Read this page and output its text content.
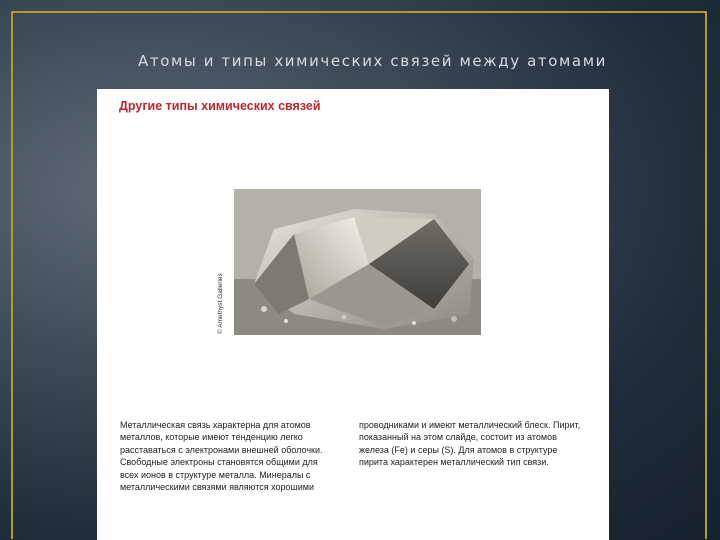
Атомы и типы химических связей между атомами
Другие типы химических связей
© Amethyst Galleries

Металлическая связь характерна для атомов металлов, которые имеют тенденцию легко расставаться с электронами внешней оболочки. Свободные электроны становятся общими для всех ионов в структуре металла. Минералы с металлическими связями являются хорошими

проводниками и имеют металлический блеск. Пирит, показанный на этом слайде, состоит из атомов железа (Fe) и серы (S). Для атомов в структуре пирита характерен металлический тип связи.
